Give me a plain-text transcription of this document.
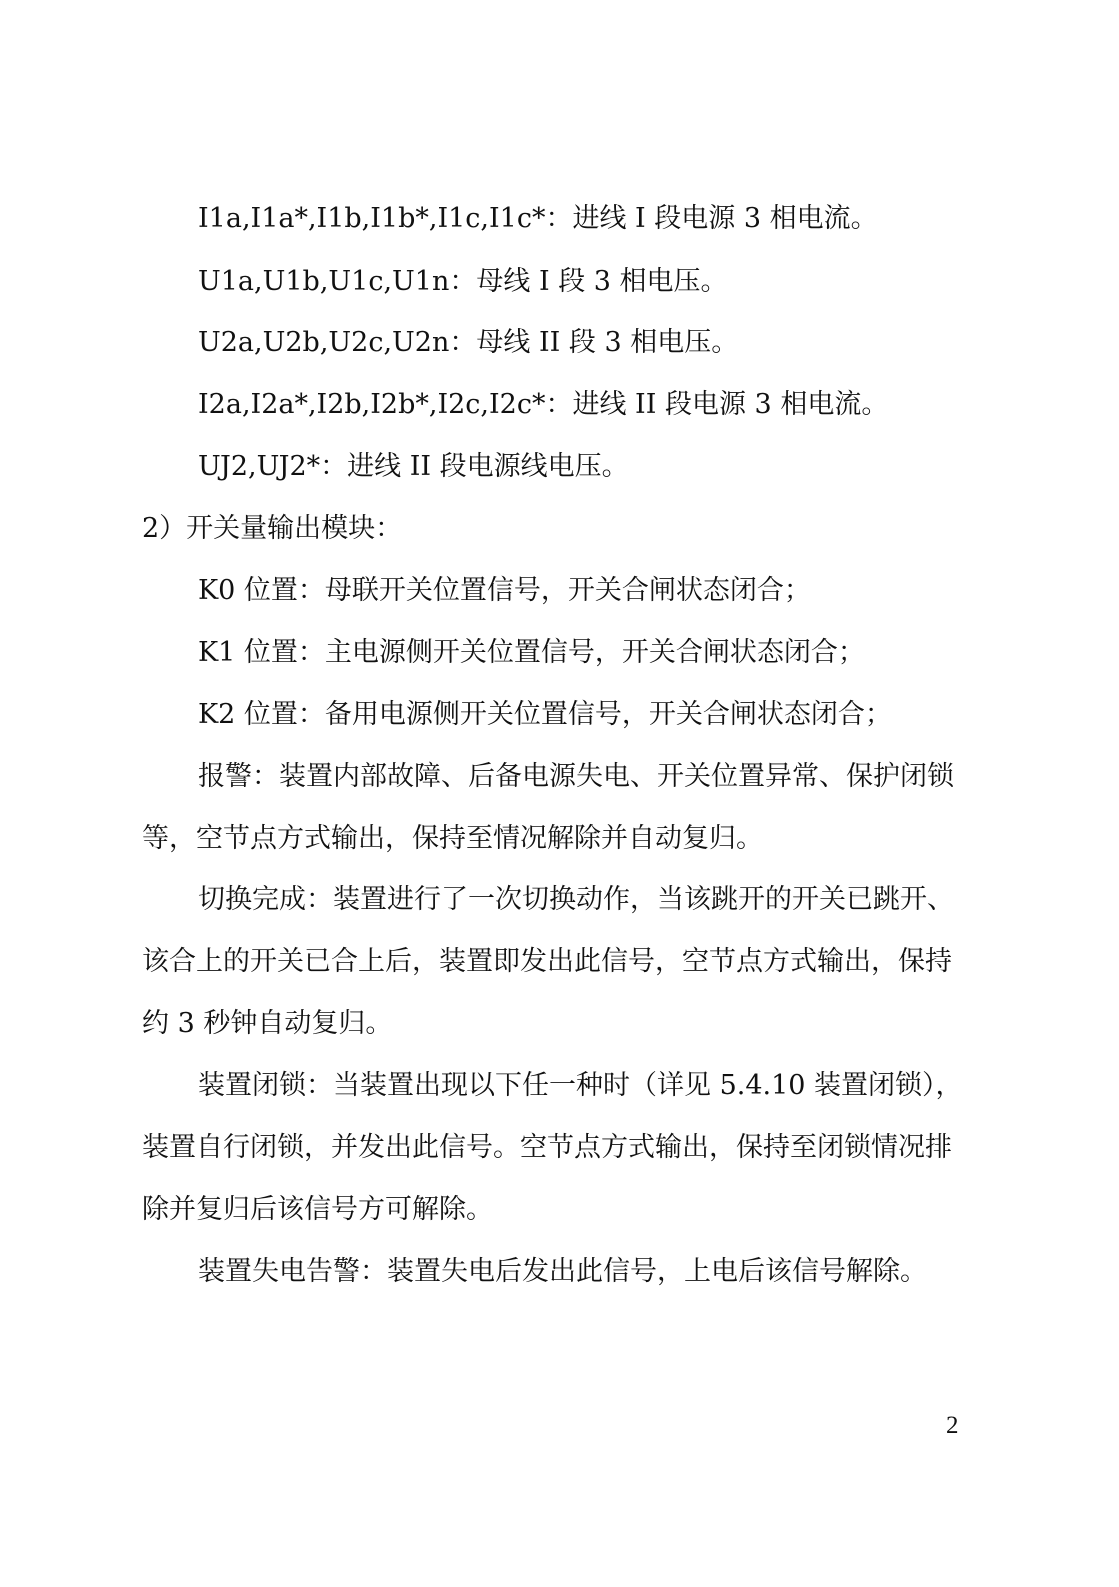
I1a,I1a*,I1b,I1b*,I1c,I1c*：进线 I 段电源 3 相电流。
U1a,U1b,U1c,U1n：母线 I 段 3 相电压。
U2a,U2b,U2c,U2n：母线 II 段 3 相电压。
I2a,I2a*,I2b,I2b*,I2c,I2c*：进线 II 段电源 3 相电流。
UJ2,UJ2*：进线 II 段电源线电压。
2）开关量输出模块：
K0 位置：母联开关位置信号，开关合闸状态闭合；
K1 位置：主电源侧开关位置信号，开关合闸状态闭合；
K2 位置：备用电源侧开关位置信号，开关合闸状态闭合；
报警：装置内部故障、后备电源失电、开关位置异常、保护闭锁
等，空节点方式输出，保持至情况解除并自动复归。
切换完成：装置进行了一次切换动作，当该跳开的开关已跳开、
该合上的开关已合上后，装置即发出此信号，空节点方式输出，保持
约 3 秒钟自动复归。
装置闭锁：当装置出现以下任一种时（详见 5.4.10 装置闭锁），
装置自行闭锁，并发出此信号。空节点方式输出，保持至闭锁情况排
除并复归后该信号方可解除。
装置失电告警：装置失电后发出此信号，上电后该信号解除。
2
